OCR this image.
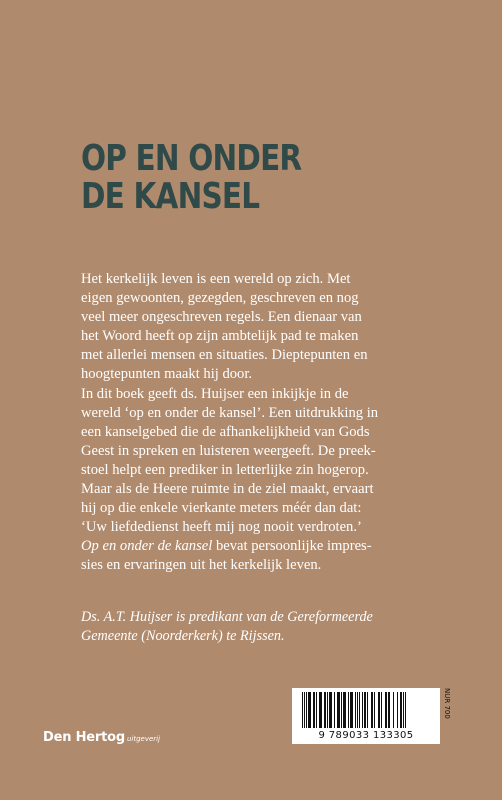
OP EN ONDER
DE KANSEL
Het kerkelijk leven is een wereld op zich. Met
eigen gewoonten, gezegden, geschreven en nog
veel meer ongeschreven regels. Een dienaar van
het Woord heeft op zijn ambtelijk pad te maken
met allerlei mensen en situaties. Dieptepunten en
hoogtepunten maakt hij door.
In dit boek geeft ds. Huijser een inkijkje in de
wereld ‘op en onder de kansel’. Een uitdrukking in
een kanselgebed die de afhankelijkheid van Gods
Geest in spreken en luisteren weergeeft. De preek-
stoel helpt een prediker in letterlijke zin hogerop.
Maar als de Heere ruimte in de ziel maakt, ervaart
hij op die enkele vierkante meters méér dan dat:
‘Uw liefdedienst heeft mij nog nooit verdroten.’
Op en onder de kansel bevat persoonlijke impres-
sies en ervaringen uit het kerkelijk leven.
Ds. A.T. Huijser is predikant van de Gereformeerde
Gemeente (Noorderkerk) te Rijssen.
Den Hertog uitgeverij	9 789033 133305
NUR 700
